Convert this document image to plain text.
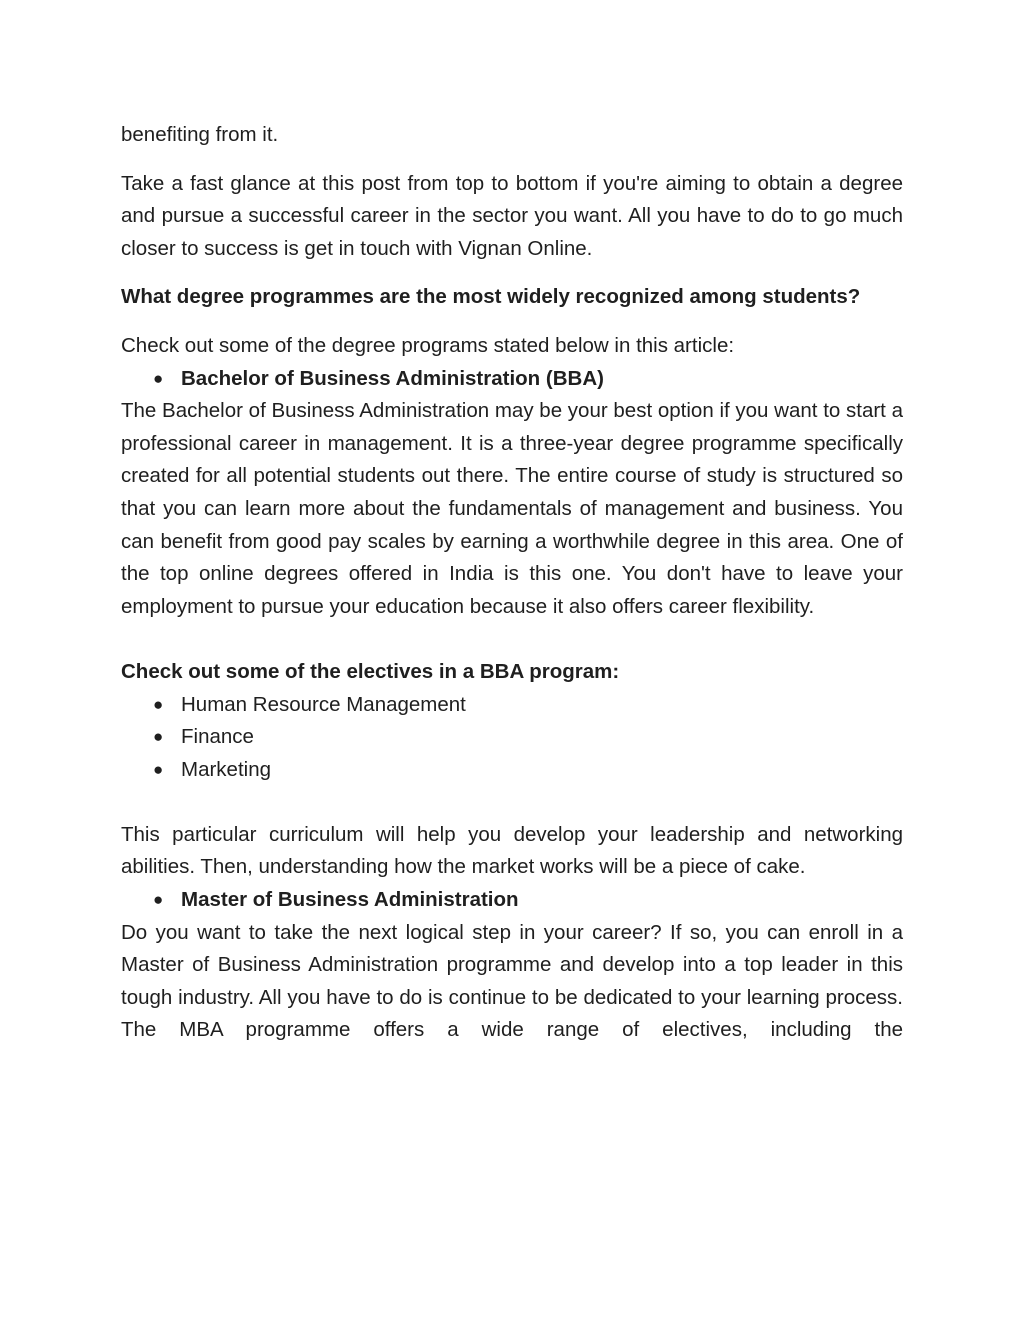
benefiting from it.

Take a fast glance at this post from top to bottom if you're aiming to obtain a degree and pursue a successful career in the sector you want. All you have to do to go much closer to success is get in touch with Vignan Online.

What degree programmes are the most widely recognized among students?

Check out some of the degree programs stated below in this article:

● Bachelor of Business Administration (BBA)

The Bachelor of Business Administration may be your best option if you want to start a professional career in management. It is a three-year degree programme specifically created for all potential students out there. The entire course of study is structured so that you can learn more about the fundamentals of management and business. You can benefit from good pay scales by earning a worthwhile degree in this area. One of the top online degrees offered in India is this one. You don't have to leave your employment to pursue your education because it also offers career flexibility.

Check out some of the electives in a BBA program:

● Human Resource Management
● Finance
● Marketing

This particular curriculum will help you develop your leadership and networking abilities. Then, understanding how the market works will be a piece of cake.

● Master of Business Administration

Do you want to take the next logical step in your career? If so, you can enroll in a Master of Business Administration programme and develop into a top leader in this tough industry. All you have to do is continue to be dedicated to your learning process. The MBA programme offers a wide range of electives, including the
